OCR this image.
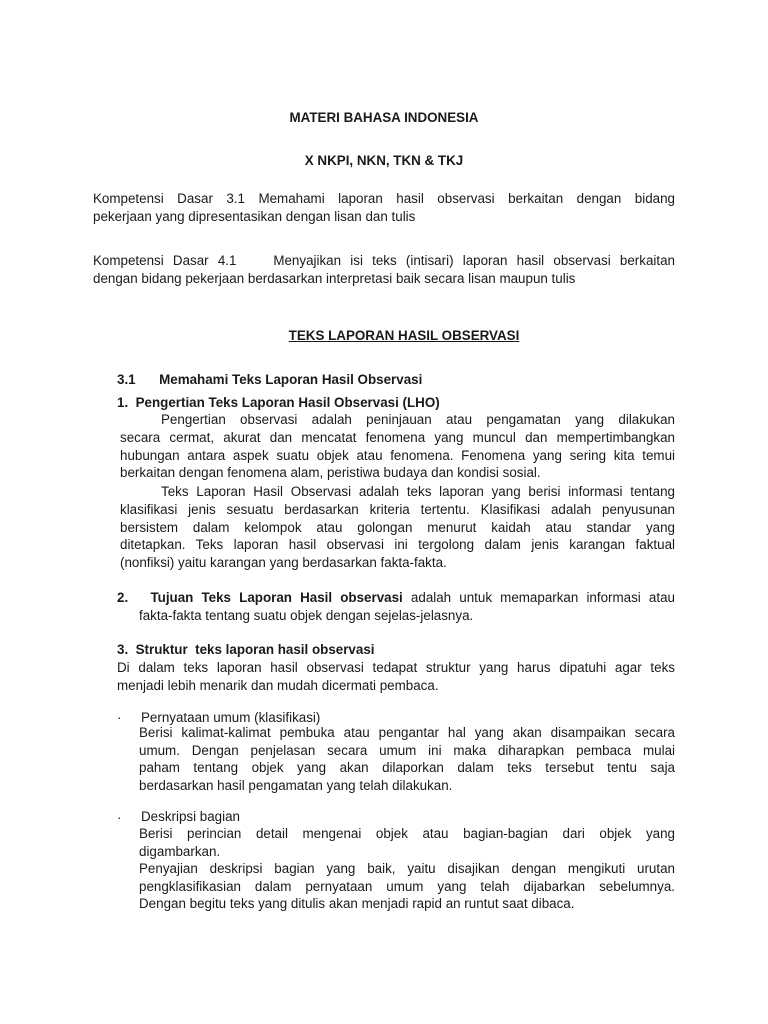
MATERI BAHASA INDONESIA
X NKPI, NKN, TKN & TKJ
Kompetensi Dasar 3.1 Memahami laporan hasil observasi berkaitan dengan bidang
pekerjaan yang dipresentasikan dengan lisan dan tulis
Kompetensi Dasar 4.1    Menyajikan isi teks (intisari) laporan hasil observasi berkaitan
dengan bidang pekerjaan berdasarkan interpretasi baik secara lisan maupun tulis
TEKS LAPORAN HASIL OBSERVASI
3.1 Memahami Teks Laporan Hasil Observasi
1.  Pengertian Teks Laporan Hasil Observasi (LHO)
Pengertian observasi adalah peninjauan atau pengamatan yang dilakukan
secara cermat, akurat dan mencatat fenomena yang muncul dan mempertimbangkan
hubungan antara aspek suatu objek atau fenomena. Fenomena yang sering kita temui
berkaitan dengan fenomena alam, peristiwa budaya dan kondisi sosial.
Teks Laporan Hasil Observasi adalah teks laporan yang berisi informasi tentang
klasifikasi jenis sesuatu berdasarkan kriteria tertentu. Klasifikasi adalah penyusunan
bersistem dalam kelompok atau golongan menurut kaidah atau standar yang
ditetapkan. Teks laporan hasil observasi ini tergolong dalam jenis karangan faktual
(nonfiksi) yaitu karangan yang berdasarkan fakta-fakta.
2. Tujuan Teks Laporan Hasil observasi adalah untuk memaparkan informasi atau
fakta-fakta tentang suatu objek dengan sejelas-jelasnya.
3.  Struktur  teks laporan hasil observasi
Di dalam teks laporan hasil observasi tedapat struktur yang harus dipatuhi agar teks
menjadi lebih menarik dan mudah dicermati pembaca.
· Pernyataan umum (klasifikasi)
Berisi kalimat-kalimat pembuka atau pengantar hal yang akan disampaikan secara
umum. Dengan penjelasan secara umum ini maka diharapkan pembaca mulai
paham tentang objek yang akan dilaporkan dalam teks tersebut tentu saja
berdasarkan hasil pengamatan yang telah dilakukan.
· Deskripsi bagian
Berisi perincian detail mengenai objek atau bagian-bagian dari objek yang
digambarkan.
Penyajian deskripsi bagian yang baik, yaitu disajikan dengan mengikuti urutan
pengklasifikasian dalam pernyataan umum yang telah dijabarkan sebelumnya.
Dengan begitu teks yang ditulis akan menjadi rapid an runtut saat dibaca.
